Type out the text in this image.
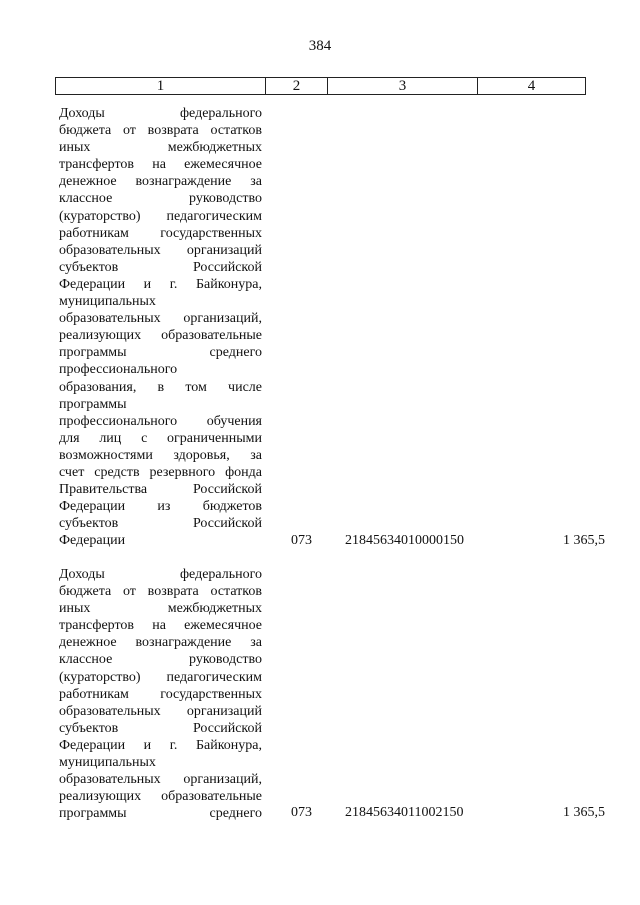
384
1	2	3	4
Доходы федерального
бюджета от возврата остатков
иных межбюджетных
трансфертов на ежемесячное
денежное вознаграждение за
классное руководство
(кураторство) педагогическим
работникам государственных
образовательных организаций
субъектов Российской
Федерации и г. Байконура,
муниципальных
образовательных организаций,
реализующих образовательные
программы среднего
профессионального
образования, в том числе
программы
профессионального обучения
для лиц с ограниченными
возможностями здоровья, за
счет средств резервного фонда
Правительства Российской
Федерации из бюджетов
субъектов Российской
Федерации	073	21845634010000150	1 365,5
Доходы федерального
бюджета от возврата остатков
иных межбюджетных
трансфертов на ежемесячное
денежное вознаграждение за
классное руководство
(кураторство) педагогическим
работникам государственных
образовательных организаций
субъектов Российской
Федерации и г. Байконура,
муниципальных
образовательных организаций,
реализующих образовательные
программы среднего 073	21845634011002150	1 365,5
